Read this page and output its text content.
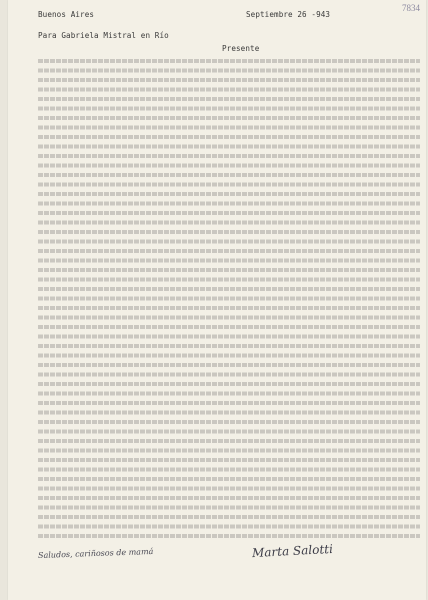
7834
Buenos Aires	Septiembre 26 -943
Para Gabriela Mistral en Río
Presente
Saludos, cariñosos de mamá	Marta Salotti
